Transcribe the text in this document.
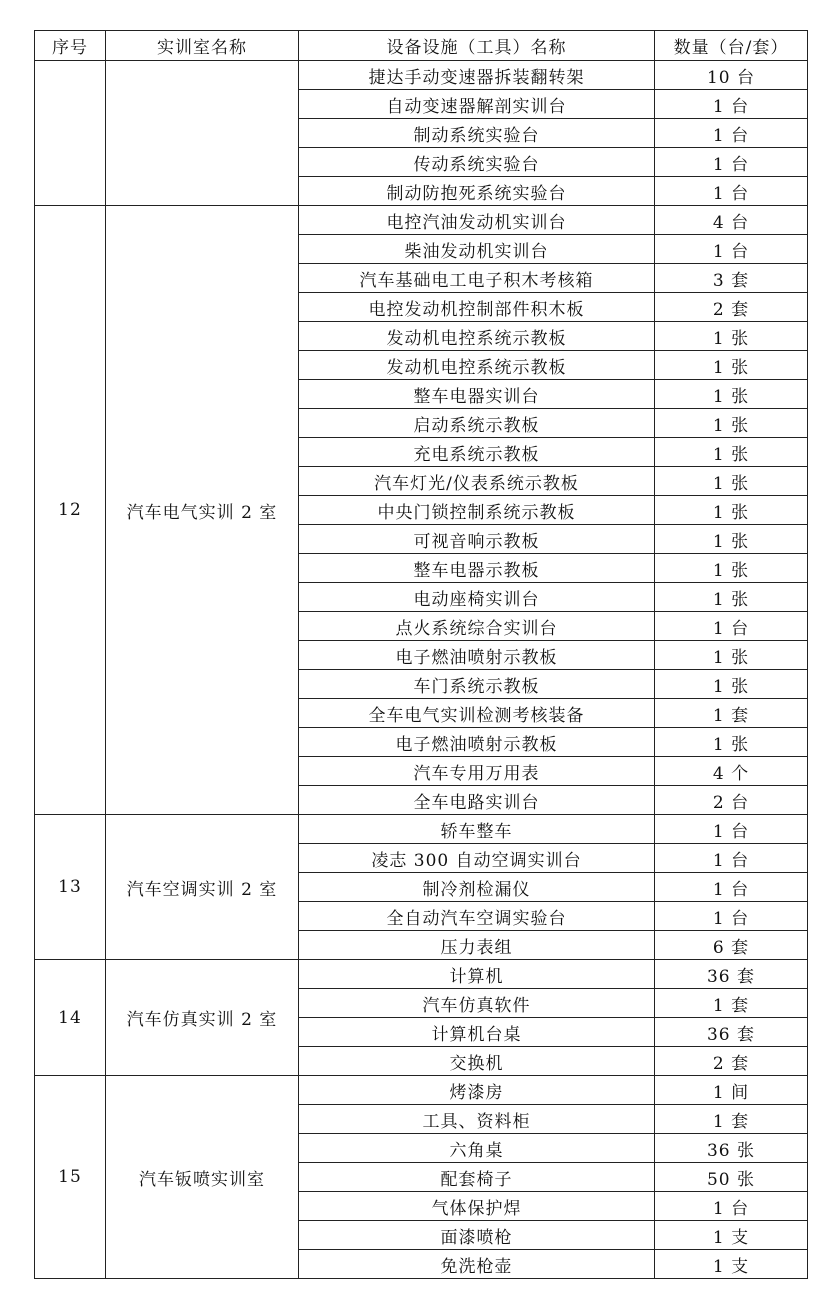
序号	实训室名称	设备设施（工具）名称	数量（台/套）
		捷达手动变速器拆装翻转架	10 台
		自动变速器解剖实训台	1 台
		制动系统实验台	1 台
		传动系统实验台	1 台
		制动防抱死系统实验台	1 台
12	汽车电气实训 2 室	电控汽油发动机实训台	4 台
		柴油发动机实训台	1 台
		汽车基础电工电子积木考核箱	3 套
		电控发动机控制部件积木板	2 套
		发动机电控系统示教板	1 张
		发动机电控系统示教板	1 张
		整车电器实训台	1 张
		启动系统示教板	1 张
		充电系统示教板	1 张
		汽车灯光/仪表系统示教板	1 张
		中央门锁控制系统示教板	1 张
		可视音响示教板	1 张
		整车电器示教板	1 张
		电动座椅实训台	1 张
		点火系统综合实训台	1 台
		电子燃油喷射示教板	1 张
		车门系统示教板	1 张
		全车电气实训检测考核装备	1 套
		电子燃油喷射示教板	1 张
		汽车专用万用表	4 个
		全车电路实训台	2 台
13	汽车空调实训 2 室	轿车整车	1 台
		凌志 300 自动空调实训台	1 台
		制冷剂检漏仪	1 台
		全自动汽车空调实验台	1 台
		压力表组	6 套
14	汽车仿真实训 2 室	计算机	36 套
		汽车仿真软件	1 套
		计算机台桌	36 套
		交换机	2 套
15	汽车钣喷实训室	烤漆房	1 间
		工具、资料柜	1 套
		六角桌	36 张
		配套椅子	50 张
		气体保护焊	1 台
		面漆喷枪	1 支
		免洗枪壶	1 支
